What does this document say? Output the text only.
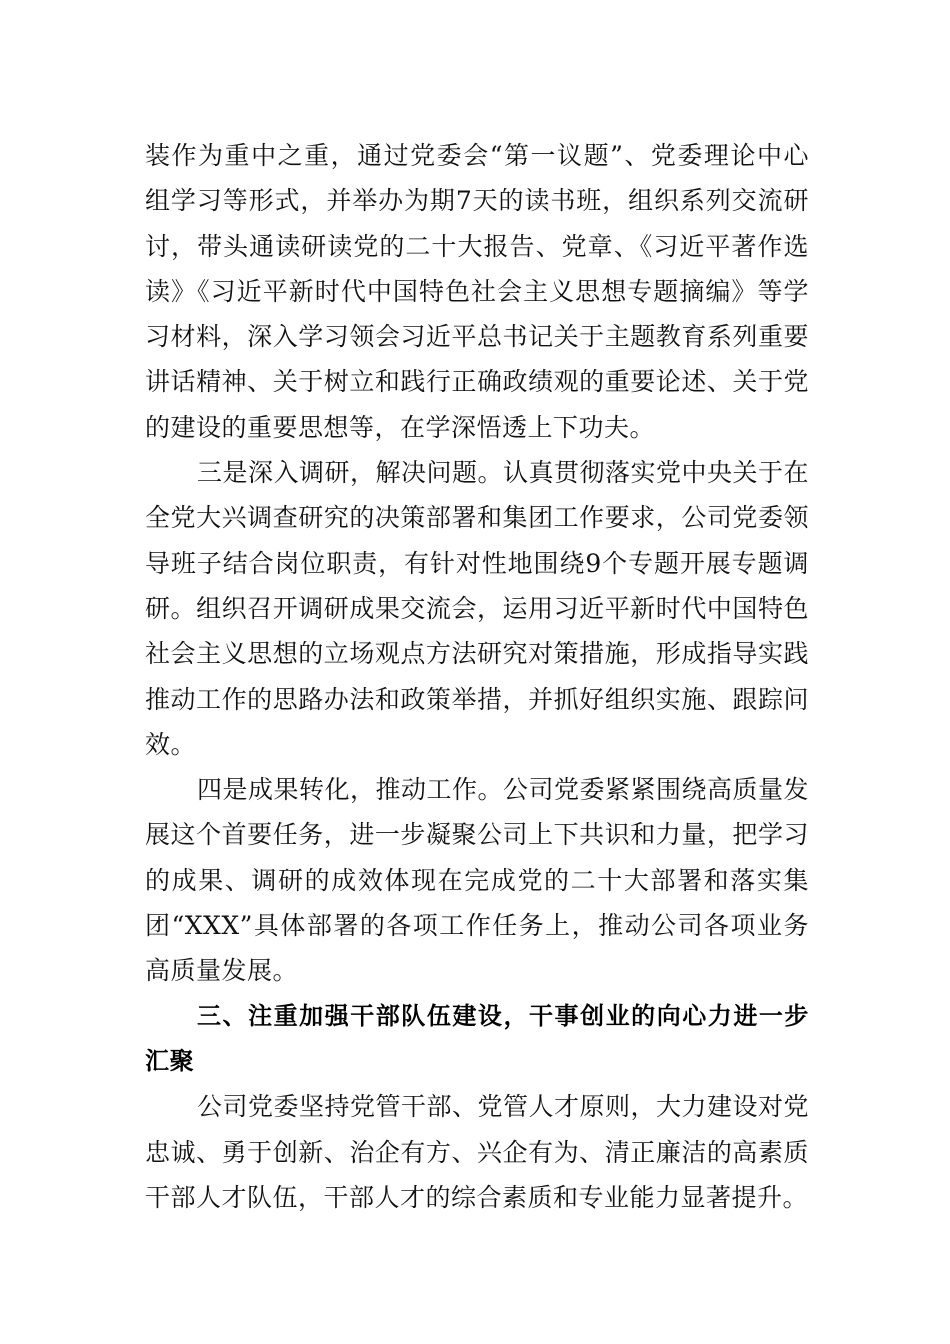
装作为重中之重，通过党委会“第一议题”、党委理论中心组学习等形式，并举办为期7天的读书班，组织系列交流研讨，带头通读研读党的二十大报告、党章、《习近平著作选读》《习近平新时代中国特色社会主义思想专题摘编》等学习材料，深入学习领会习近平总书记关于主题教育系列重要讲话精神、关于树立和践行正确政绩观的重要论述、关于党的建设的重要思想等，在学深悟透上下功夫。

三是深入调研，解决问题。认真贯彻落实党中央关于在全党大兴调查研究的决策部署和集团工作要求，公司党委领导班子结合岗位职责，有针对性地围绕9个专题开展专题调研。组织召开调研成果交流会，运用习近平新时代中国特色社会主义思想的立场观点方法研究对策措施，形成指导实践推动工作的思路办法和政策举措，并抓好组织实施、跟踪问效。

四是成果转化，推动工作。公司党委紧紧围绕高质量发展这个首要任务，进一步凝聚公司上下共识和力量，把学习的成果、调研的成效体现在完成党的二十大部署和落实集团“XXX”具体部署的各项工作任务上，推动公司各项业务高质量发展。

三、注重加强干部队伍建设，干事创业的向心力进一步汇聚

公司党委坚持党管干部、党管人才原则，大力建设对党忠诚、勇于创新、治企有方、兴企有为、清正廉洁的高素质干部人才队伍，干部人才的综合素质和专业能力显著提升。
